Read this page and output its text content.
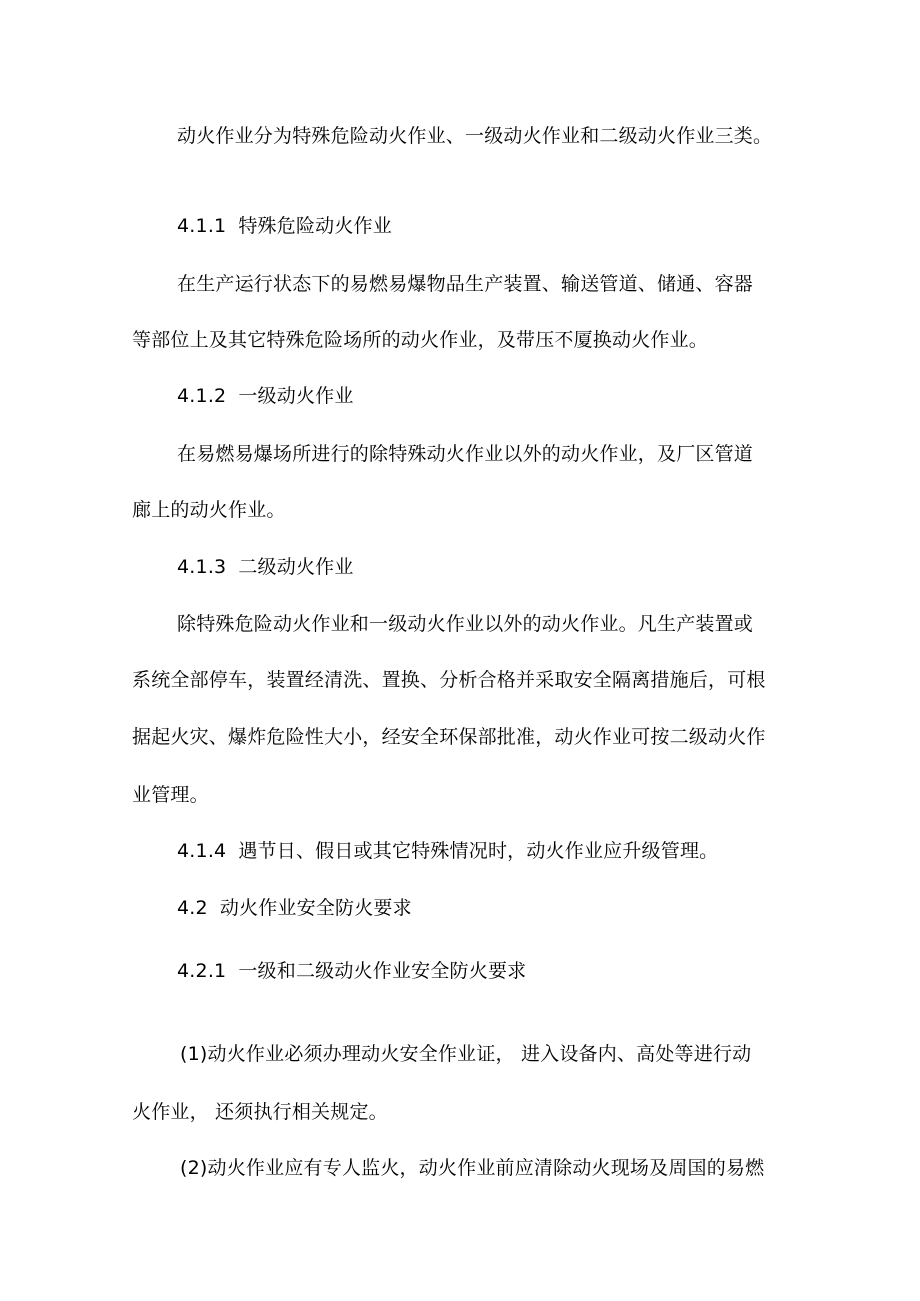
动火作业分为特殊危险动火作业、一级动火作业和二级动火作业三类。
4.1.1 特殊危险动火作业
在生产运行状态下的易燃易爆物品生产装置、输送管道、储通、容器
等部位上及其它特殊危险场所的动火作业，及带压不厦换动火作业。
4.1.2 一级动火作业
在易燃易爆场所进行的除特殊动火作业以外的动火作业，及厂区管道
廊上的动火作业。
4.1.3 二级动火作业
除特殊危险动火作业和一级动火作业以外的动火作业。凡生产装置或
系统全部停车，装置经清洗、置换、分析合格并采取安全隔离措施后，可根
据起火灾、爆炸危险性大小，经安全环保部批准，动火作业可按二级动火作
业管理。
4.1.4 遇节日、假日或其它特殊情况时，动火作业应升级管理。
4.2 动火作业安全防火要求
4.2.1 一级和二级动火作业安全防火要求
(1)动火作业必须办理动火安全作业证， 进入设备内、高处等进行动
火作业， 还须执行相关规定。
(2)动火作业应有专人监火，动火作业前应清除动火现场及周国的易燃
